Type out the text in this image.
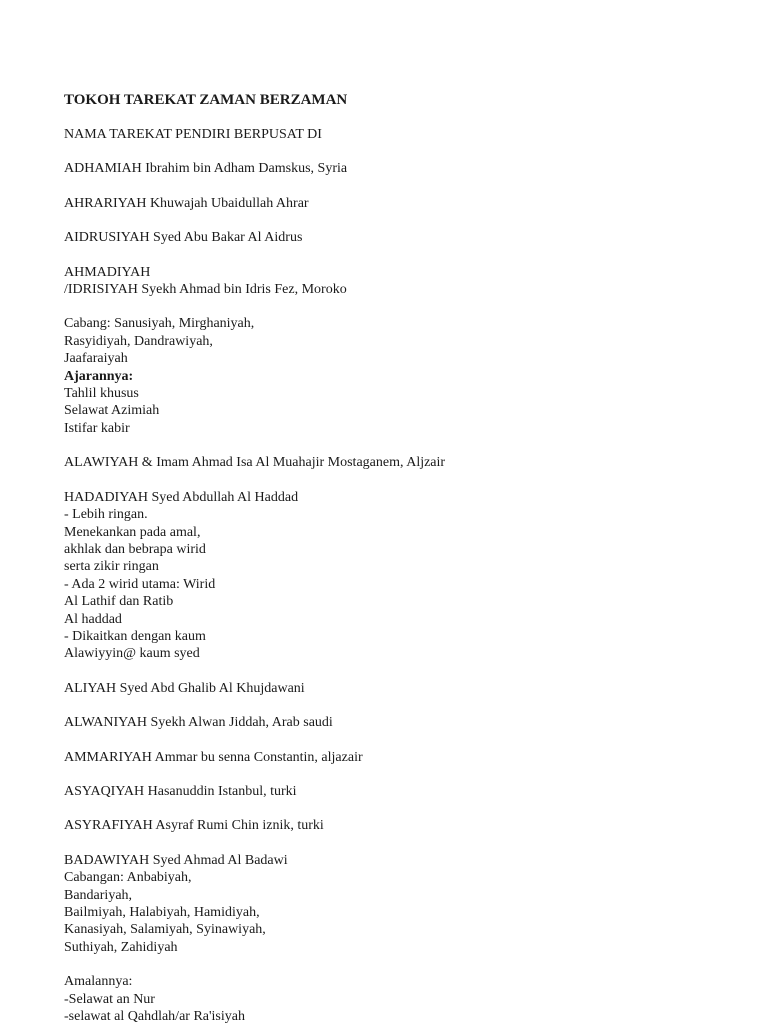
TOKOH TAREKAT ZAMAN BERZAMAN
NAMA TAREKAT PENDIRI BERPUSAT DI
ADHAMIAH Ibrahim bin Adham Damskus, Syria
AHRARIYAH Khuwajah Ubaidullah Ahrar
AIDRUSIYAH Syed Abu Bakar Al Aidrus
AHMADIYAH
/IDRISIYAH Syekh Ahmad bin Idris Fez, Moroko
Cabang: Sanusiyah, Mirghaniyah,
Rasyidiyah, Dandrawiyah,
Jaafaraiyah
Ajarannya:
Tahlil khusus
Selawat Azimiah
Istifar kabir
ALAWIYAH & Imam Ahmad Isa Al Muahajir Mostaganem, Aljzair
HADADIYAH Syed Abdullah Al Haddad
- Lebih ringan.
Menekankan pada amal,
akhlak dan bebrapa wirid
serta zikir ringan
- Ada 2 wirid utama: Wirid
Al Lathif dan Ratib
Al haddad
- Dikaitkan dengan kaum
Alawiyyin@ kaum syed
ALIYAH Syed Abd Ghalib Al Khujdawani
ALWANIYAH Syekh Alwan Jiddah, Arab saudi
AMMARIYAH Ammar bu senna Constantin, aljazair
ASYAQIYAH Hasanuddin Istanbul, turki
ASYRAFIYAH Asyraf Rumi Chin iznik, turki
BADAWIYAH Syed Ahmad Al Badawi
Cabangan: Anbabiyah,
Bandariyah,
Bailmiyah, Halabiyah, Hamidiyah,
Kanasiyah, Salamiyah, Syinawiyah,
Suthiyah, Zahidiyah
Amalannya:
-Selawat an Nur
-selawat al Qahdlah/ar Ra'isiyah
